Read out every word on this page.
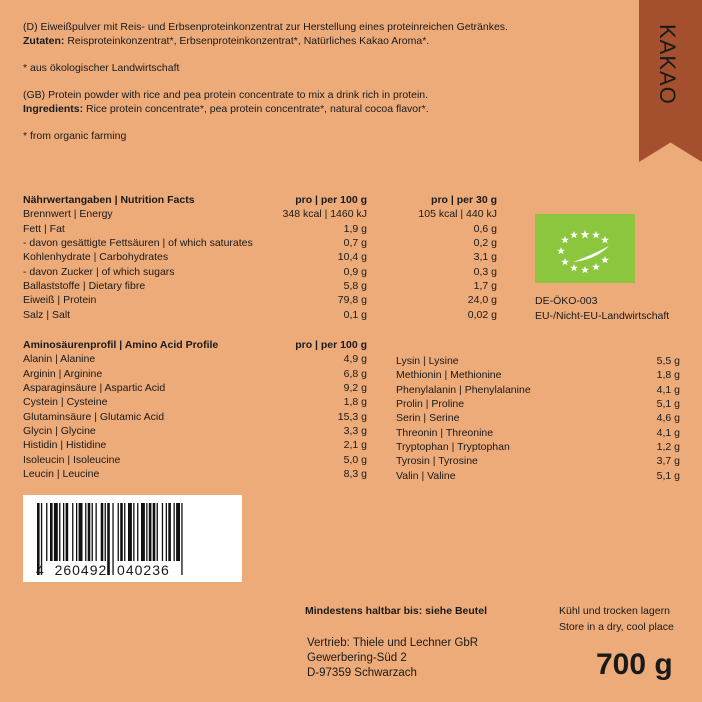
KAKAO

(D) Eiweißpulver mit Reis- und Erbsenproteinkonzentrat zur Herstellung eines proteinreichen Getränkes.

Zutaten: Reisproteinkonzentrat*, Erbsenproteinkonzentrat*, Natürliches Kakao Aroma*.

* aus ökologischer Landwirtschaft

(GB) Protein powder with rice and pea protein concentrate to mix a drink rich in protein.

Ingredients: Rice protein concentrate*, pea protein concentrate*, natural cocoa flavor*.

* from organic farming

Nährwertangaben | Nutrition Facts	pro | per 100 g	pro | per 30 g
Brennwert | Energy	348 kcal | 1460 kJ	105 kcal | 440 kJ
Fett | Fat	1,9 g	0,6 g
- davon gesättigte Fettsäuren | of which saturates	0,7 g	0,2 g
Kohlenhydrate | Carbohydrates	10,4 g	3,1 g
- davon Zucker | of which sugars	0,9 g	0,3 g
Ballaststoffe | Dietary fibre	5,8 g	1,7 g
Eiweiß | Protein	79,8 g	24,0 g
Salz | Salt	0,1 g	0,02 g
DE-ÖKO-003
EU-/Nicht-EU-Landwirtschaft
Aminosäurenprofil | Amino Acid Profile	pro | per 100 g
Alanin | Alanine	4,9 g
Arginin | Arginine	6,8 g
Asparaginsäure | Aspartic Acid	9,2 g
Cystein | Cysteine	1,8 g
Glutaminsäure | Glutamic Acid	15,3 g
Glycin | Glycine	3,3 g
Histidin | Histidine	2,1 g
Isoleucin | Isoleucine	5,0 g
Leucin | Leucine	8,3 g
Lysin | Lysine	5,5 g
Methionin | Methionine	1,8 g
Phenylalanin | Phenylalanine	4,1 g
Prolin | Proline	5,1 g
Serin | Serine	4,6 g
Threonin | Threonine	4,1 g
Tryptophan | Tryptophan	1,2 g
Tyrosin | Tyrosine	3,7 g
Valin | Valine	5,1 g
4  260492  040236
Mindestens haltbar bis: siehe Beutel	Kühl und trocken lagern
Store in a dry, cool place
Vertrieb: Thiele und Lechner GbR
Gewerbering-Süd 2
D-97359 Schwarzach	700 g
